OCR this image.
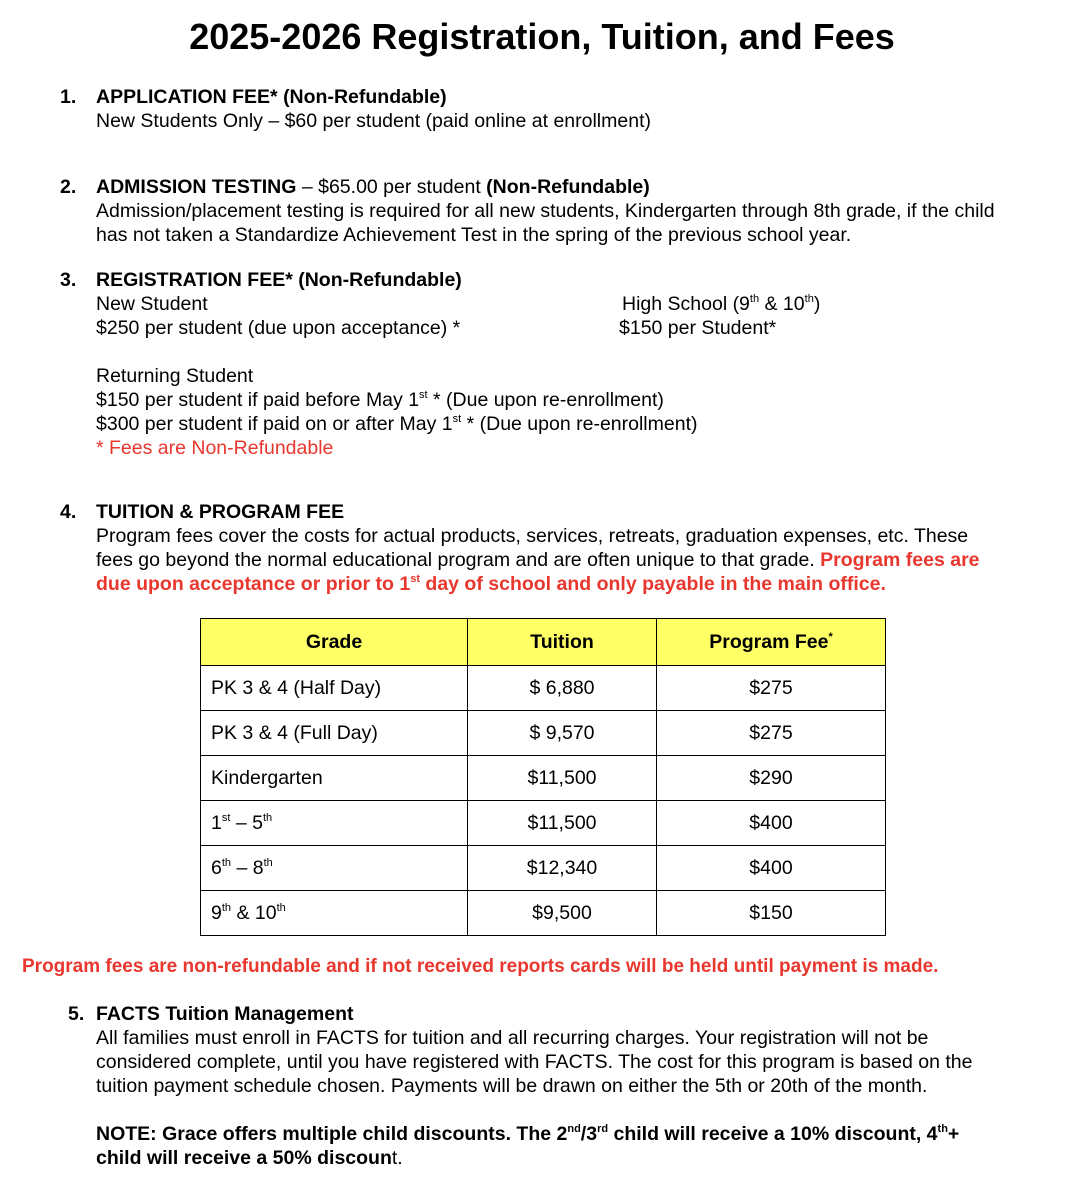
2025-2026 Registration, Tuition, and Fees
1. APPLICATION FEE* (Non-Refundable)
New Students Only – $60 per student (paid online at enrollment)
2. ADMISSION TESTING – $65.00 per student (Non-Refundable)
Admission/placement testing is required for all new students, Kindergarten through 8th grade, if the child
has not taken a Standardize Achievement Test in the spring of the previous school year.
3. REGISTRATION FEE* (Non-Refundable)
New Student	High School (9th & 10th)
$250 per student (due upon acceptance) *	$150 per Student*
Returning Student
$150 per student if paid before May 1st * (Due upon re-enrollment)
$300 per student if paid on or after May 1st * (Due upon re-enrollment)
* Fees are Non-Refundable
4. TUITION & PROGRAM FEE
Program fees cover the costs for actual products, services, retreats, graduation expenses, etc. These
fees go beyond the normal educational program and are often unique to that grade. Program fees are
due upon acceptance or prior to 1st day of school and only payable in the main office.
Grade	Tuition	Program Fee*
PK 3 & 4 (Half Day)	$ 6,880	$275
PK 3 & 4 (Full Day)	$ 9,570	$275
Kindergarten	$11,500	$290
1st – 5th	$11,500	$400
6th – 8th	$12,340	$400
9th & 10th	$9,500	$150
Program fees are non-refundable and if not received reports cards will be held until payment is made.
5. FACTS Tuition Management
All families must enroll in FACTS for tuition and all recurring charges. Your registration will not be
considered complete, until you have registered with FACTS. The cost for this program is based on the
tuition payment schedule chosen. Payments will be drawn on either the 5th or 20th of the month.
NOTE: Grace offers multiple child discounts. The 2nd/3rd child will receive a 10% discount, 4th+
child will receive a 50% discount.
